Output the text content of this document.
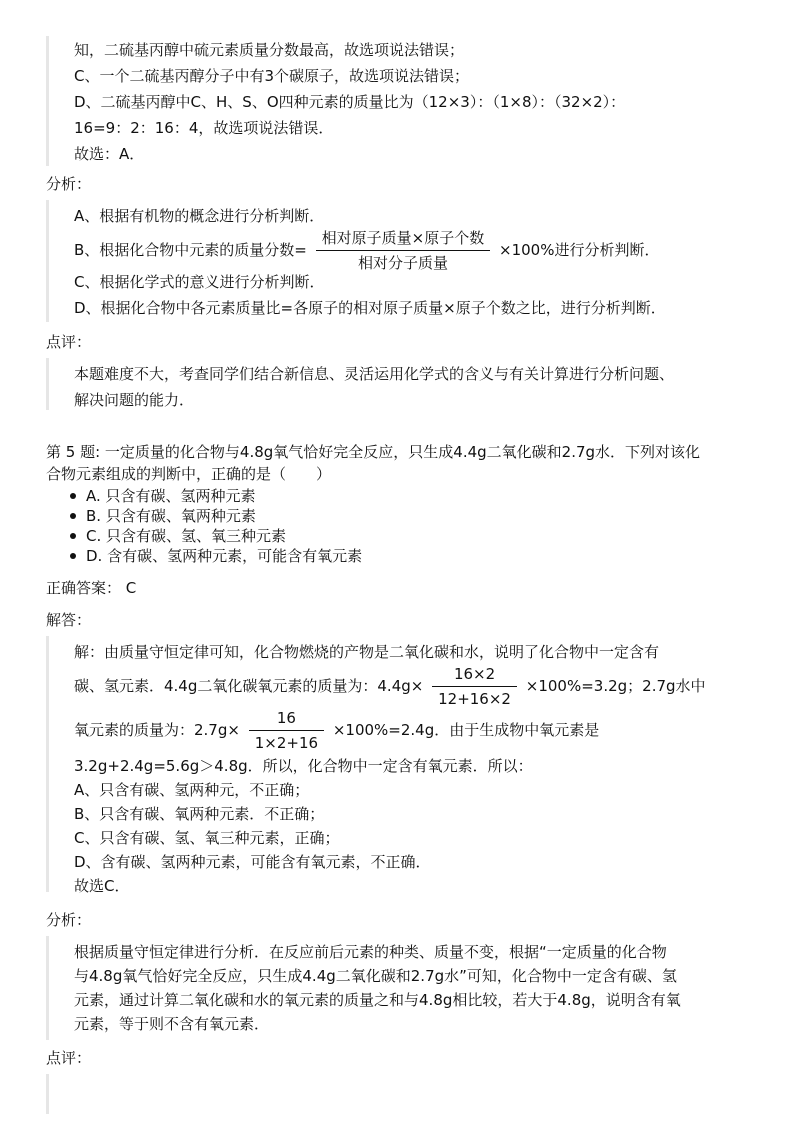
知，二硫基丙醇中硫元素质量分数最高，故选项说法错误；
C、一个二硫基丙醇分子中有3个碳原子，故选项说法错误；
D、二硫基丙醇中C、H、S、O四种元素的质量比为（12×3）：（1×8）：（32×2）：
16=9：2：16：4，故选项说法错误．
故选：A．
分析：
A、根据有机物的概念进行分析判断．
B、根据化合物中元素的质量分数= $\frac{\text{相对原子质量×原子个数}}{\text{相对分子质量}} \times 100\%$进行分析判断．
C、根据化学式的意义进行分析判断．
D、根据化合物中各元素质量比=各原子的相对原子质量×原子个数之比，进行分析判断．
点评：
本题难度不大，考查同学们结合新信息、灵活运用化学式的含义与有关计算进行分析问题、
解决问题的能力．
第 5 题: 一定质量的化合物与4.8g氧气恰好完全反应，只生成4.4g二氧化碳和2.7g水．下列对该化
合物元素组成的判断中，正确的是（　　）
A. 只含有碳、氢两种元素
B. 只含有碳、氧两种元素
C. 只含有碳、氢、氧三种元素
D. 含有碳、氢两种元素，可能含有氧元素
正确答案： C
解答：
解：由质量守恒定律可知，化合物燃烧的产物是二氧化碳和水，说明了化合物中一定含有
碳、氢元素．4.4g二氧化碳氧元素的质量为：$4.4g\times \frac{16\times 2}{12+16\times 2} \times 100\%=3.2g$；2.7g水中
氧元素的质量为：$2.7g\times \frac{16}{1\times 2+16} \times 100\%=2.4g$．由于生成物中氧元素是
3.2g+2.4g=5.6g＞4.8g．所以，化合物中一定含有氧元素．所以：
A、只含有碳、氢两种元，不正确；
B、只含有碳、氧两种元素．不正确；
C、只含有碳、氢、氧三种元素，正确；
D、含有碳、氢两种元素，可能含有氧元素，不正确．
故选C．
分析：
根据质量守恒定律进行分析．在反应前后元素的种类、质量不变，根据“一定质量的化合物
与4.8g氧气恰好完全反应，只生成4.4g二氧化碳和2.7g水”可知，化合物中一定含有碳、氢
元素，通过计算二氧化碳和水的氧元素的质量之和与4.8g相比较，若大于4.8g，说明含有氧
元素，等于则不含有氧元素．
点评：
